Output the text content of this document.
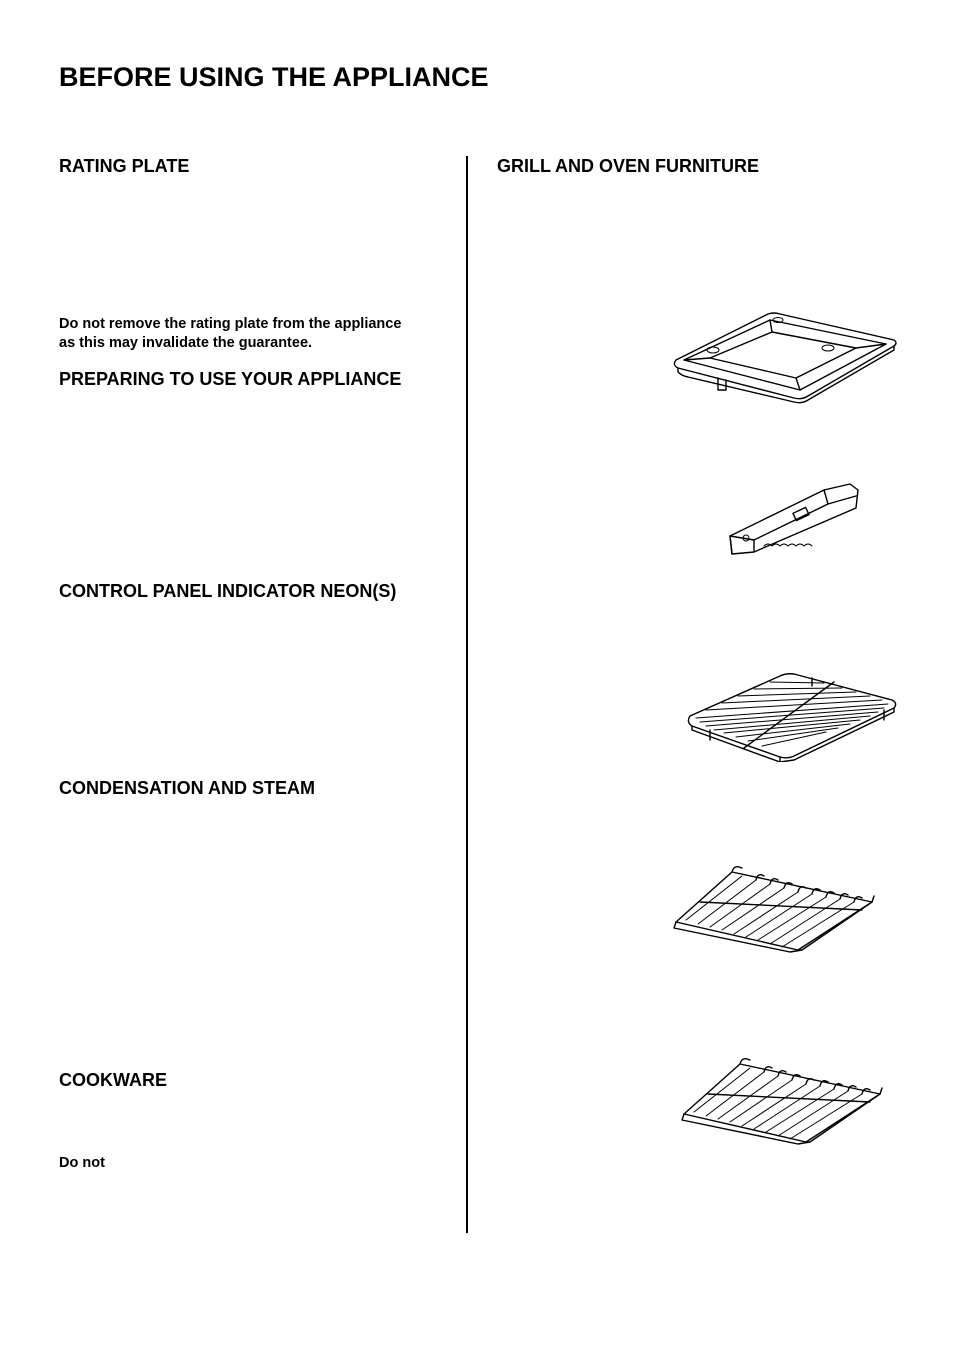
BEFORE USING THE APPLIANCE
RATING PLATE

Do not remove the rating plate from the appliance
as this may invalidate the guarantee.

PREPARING TO USE YOUR APPLIANCE
CONTROL PANEL INDICATOR NEON(S)
CONDENSATION AND STEAM
COOKWARE

Do not

GRILL AND OVEN FURNITURE
